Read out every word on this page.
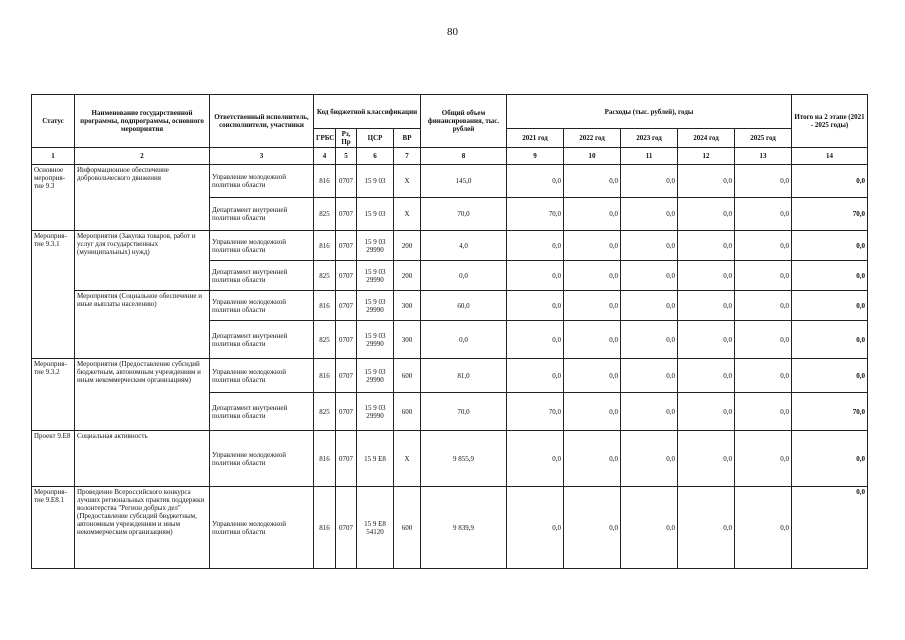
80
Статус	Наименование государственной программы, подпрограммы, основного мероприятия	Ответственный исполнитель, соисполнители, участники	Код бюджетной классификации				Общий объем финансирования, тыс. рублей	Расходы (тыс. рублей), годы					Итого на 2 этапе (2021 - 2025 годы)
			ГРБС	Рз, Пр	ЦСР	ВР		2021 год	2022 год	2023 год	2024 год	2025 год	
1	2	3	4	5	6	7	8	9	10	11	12	13	14
Основное мероприя-тие 9.3	Информационное обеспечение добровольческого движения	Управление молодежной политики области	816	0707	15 9 03	Х	145,0	0,0	0,0	0,0	0,0	0,0	0,0
		Департамент внутренней политики области	825	0707	15 9 03	Х	70,0	70,0	0,0	0,0	0,0	0,0	70,0
Мероприя-тие 9.3.1	Мероприятия (Закупка товаров, работ и услуг для государственных (муниципальных) нужд)	Управление молодежной политики области	816	0707	15 9 03 29990	200	4,0	0,0	0,0	0,0	0,0	0,0	0,0
		Департамент внутренней политики области	825	0707	15 9 03 29990	200	0,0	0,0	0,0	0,0	0,0	0,0	0,0
	Мероприятия (Социальное обеспечение и иные выплаты населению)	Управление молодежной политики области	816	0707	15 9 03 29990	300	60,0	0,0	0,0	0,0	0,0	0,0	0,0
		Департамент внутренней политики области	825	0707	15 9 03 29990	300	0,0	0,0	0,0	0,0	0,0	0,0	0,0
Мероприя-тие 9.3.2	Мероприятия (Предоставление субсидий бюджетным, автономным учреждениям и иным некоммерческим организациям)	Управление молодежной политики области	816	0707	15 9 03 29990	600	81,0	0,0	0,0	0,0	0,0	0,0	0,0
		Департамент внутренней политики области	825	0707	15 9 03 29990	600	70,0	70,0	0,0	0,0	0,0	0,0	70,0
Проект 9.Е8	Социальная активность	Управление молодежной политики области	816	0707	15 9 Е8	Х	9 855,9	0,0	0,0	0,0	0,0	0,0	0,0
Мероприя-тие 9.Е8.1	Проведение Всероссийского конкурса лучших региональных практик поддержки волонтерства "Регион добрых дел" (Предоставление субсидий бюджетным, автономным учреждениям и иным некоммерческим организациям)	Управление молодежной политики области	816	0707	15 9 Е8 54120	600	9 839,9	0,0	0,0	0,0	0,0	0,0	0,0
